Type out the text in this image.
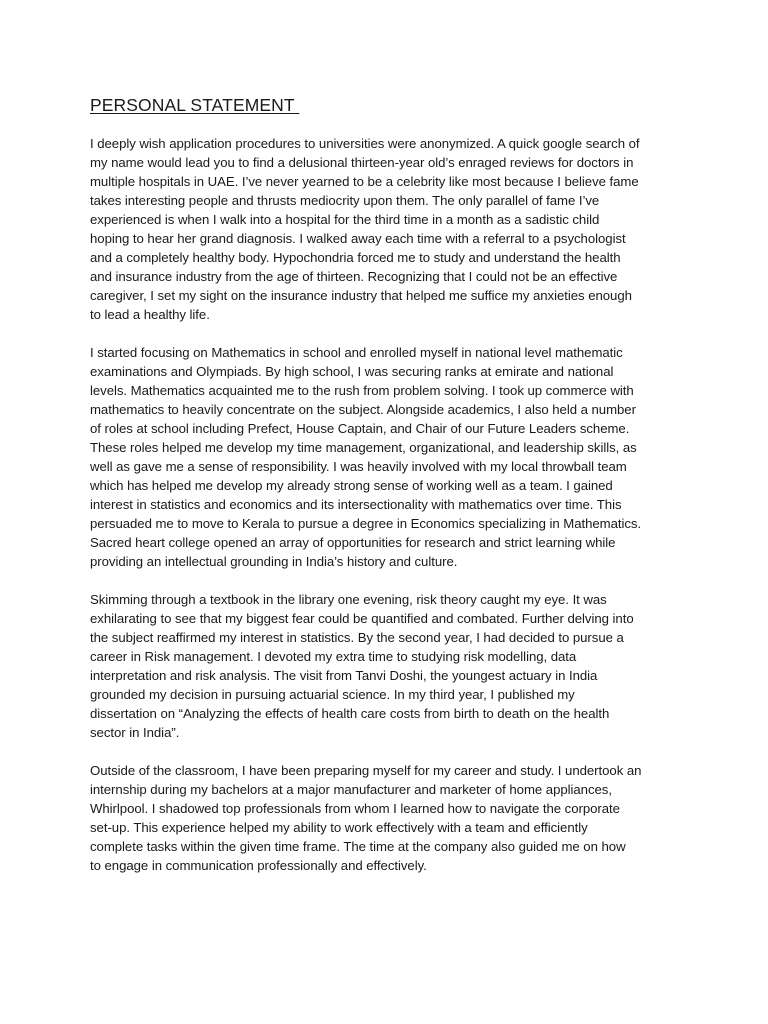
PERSONAL STATEMENT

I deeply wish application procedures to universities were anonymized. A quick google search of
my name would lead you to find a delusional thirteen-year old’s enraged reviews for doctors in
multiple hospitals in UAE. I’ve never yearned to be a celebrity like most because I believe fame
takes interesting people and thrusts mediocrity upon them. The only parallel of fame I’ve
experienced is when I walk into a hospital for the third time in a month as a sadistic child
hoping to hear her grand diagnosis. I walked away each time with a referral to a psychologist
and a completely healthy body. Hypochondria forced me to study and understand the health
and insurance industry from the age of thirteen. Recognizing that I could not be an effective
caregiver, I set my sight on the insurance industry that helped me suffice my anxieties enough
to lead a healthy life.

I started focusing on Mathematics in school and enrolled myself in national level mathematic
examinations and Olympiads. By high school, I was securing ranks at emirate and national
levels. Mathematics acquainted me to the rush from problem solving. I took up commerce with
mathematics to heavily concentrate on the subject. Alongside academics, I also held a number
of roles at school including Prefect, House Captain, and Chair of our Future Leaders scheme.
These roles helped me develop my time management, organizational, and leadership skills, as
well as gave me a sense of responsibility. I was heavily involved with my local throwball team
which has helped me develop my already strong sense of working well as a team. I gained
interest in statistics and economics and its intersectionality with mathematics over time. This
persuaded me to move to Kerala to pursue a degree in Economics specializing in Mathematics.
Sacred heart college opened an array of opportunities for research and strict learning while
providing an intellectual grounding in India’s history and culture.

Skimming through a textbook in the library one evening, risk theory caught my eye. It was
exhilarating to see that my biggest fear could be quantified and combated. Further delving into
the subject reaffirmed my interest in statistics. By the second year, I had decided to pursue a
career in Risk management. I devoted my extra time to studying risk modelling, data
interpretation and risk analysis. The visit from Tanvi Doshi, the youngest actuary in India
grounded my decision in pursuing actuarial science. In my third year, I published my
dissertation on “Analyzing the effects of health care costs from birth to death on the health
sector in India”.

Outside of the classroom, I have been preparing myself for my career and study. I undertook an
internship during my bachelors at a major manufacturer and marketer of home appliances,
Whirlpool. I shadowed top professionals from whom I learned how to navigate the corporate
set-up. This experience helped my ability to work effectively with a team and efficiently
complete tasks within the given time frame. The time at the company also guided me on how
to engage in communication professionally and effectively.
